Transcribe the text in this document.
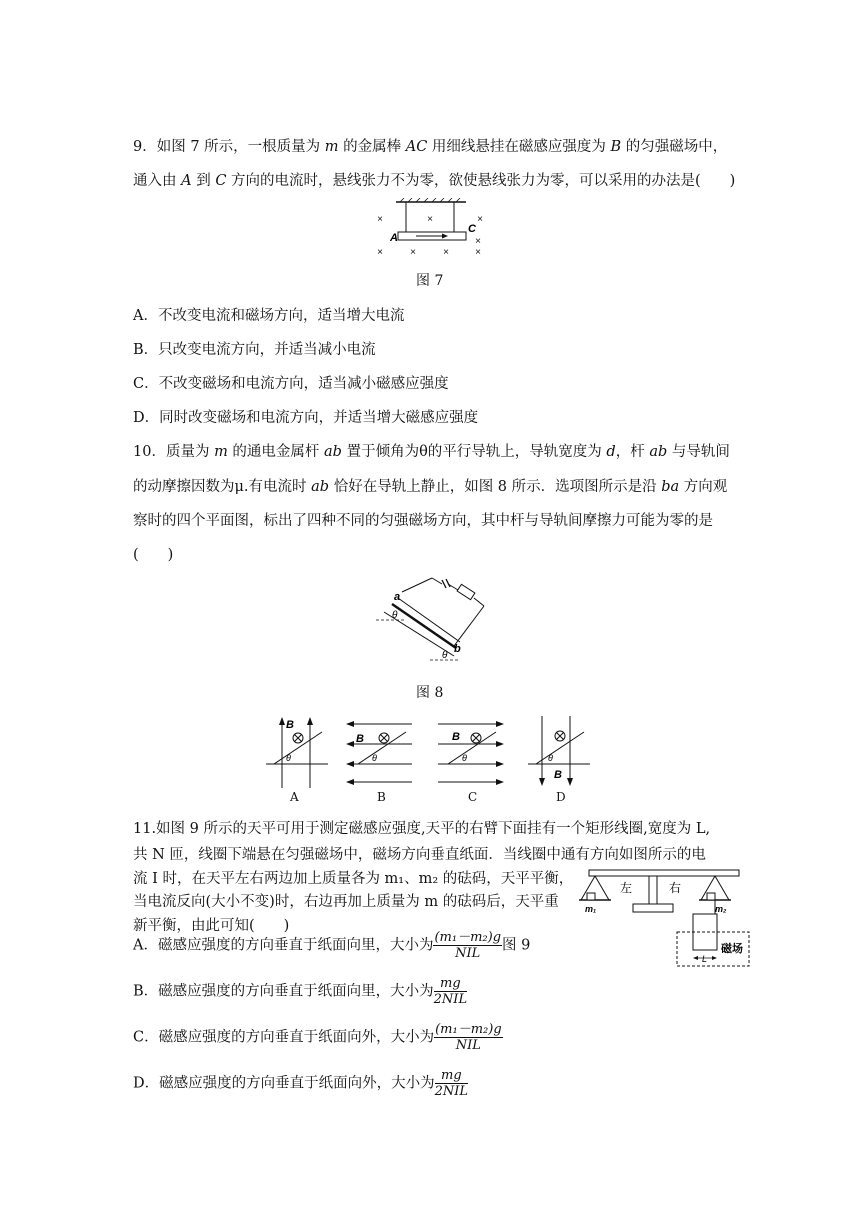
9．如图 7 所示，一根质量为 m 的金属棒 AC 用细线悬挂在磁感应强度为 B 的匀强磁场中，
通入由 A 到 C 方向的电流时，悬线张力不为零，欲使悬线张力为零，可以采用的办法是(　　)
×	×	×
×
×	×	×	×
A
C
图 7
A．不改变电流和磁场方向，适当增大电流
B．只改变电流方向，并适当减小电流
C．不改变磁场和电流方向，适当减小磁感应强度
D．同时改变磁场和电流方向，并适当增大磁感应强度
10．质量为 m 的通电金属杆 ab 置于倾角为θ的平行导轨上，导轨宽度为 d，杆 ab 与导轨间
的动摩擦因数为μ.有电流时 ab 恰好在导轨上静止，如图 8 所示．选项图所示是沿 ba 方向观
察时的四个平面图，标出了四种不同的匀强磁场方向，其中杆与导轨间摩擦力可能为零的是
(　　)
θ
θ
a
b
图 8
B
θ
A
B
θ
B
B
θ
C
B
θ
D
11.如图 9 所示的天平可用于测定磁感应强度,天平的右臂下面挂有一个矩形线圈,宽度为 L,
共 N 匝，线圈下端悬在匀强磁场中，磁场方向垂直纸面．当线圈中通有方向如图所示的电
流 I 时，在天平左右两边加上质量各为 m₁、m₂ 的砝码，天平平衡，
当电流反向(大小不变)时，右边再加上质量为 m 的砝码后，天平重
新平衡，由此可知(　　)
左	右
m₁	m₂
磁场
L
A．磁感应强度的方向垂直于纸面向里，大小为 $\frac{\text{(m₁－m₂)g}}{\text{NIL}}$ 图 9
B．磁感应强度的方向垂直于纸面向里，大小为 $\frac{mg}{\text{2NIL}}$
C．磁感应强度的方向垂直于纸面向外，大小为 $\frac{\text{(m₁－m₂)g}}{\text{NIL}}$
D．磁感应强度的方向垂直于纸面向外，大小为 $\frac{mg}{\text{2NIL}}$
